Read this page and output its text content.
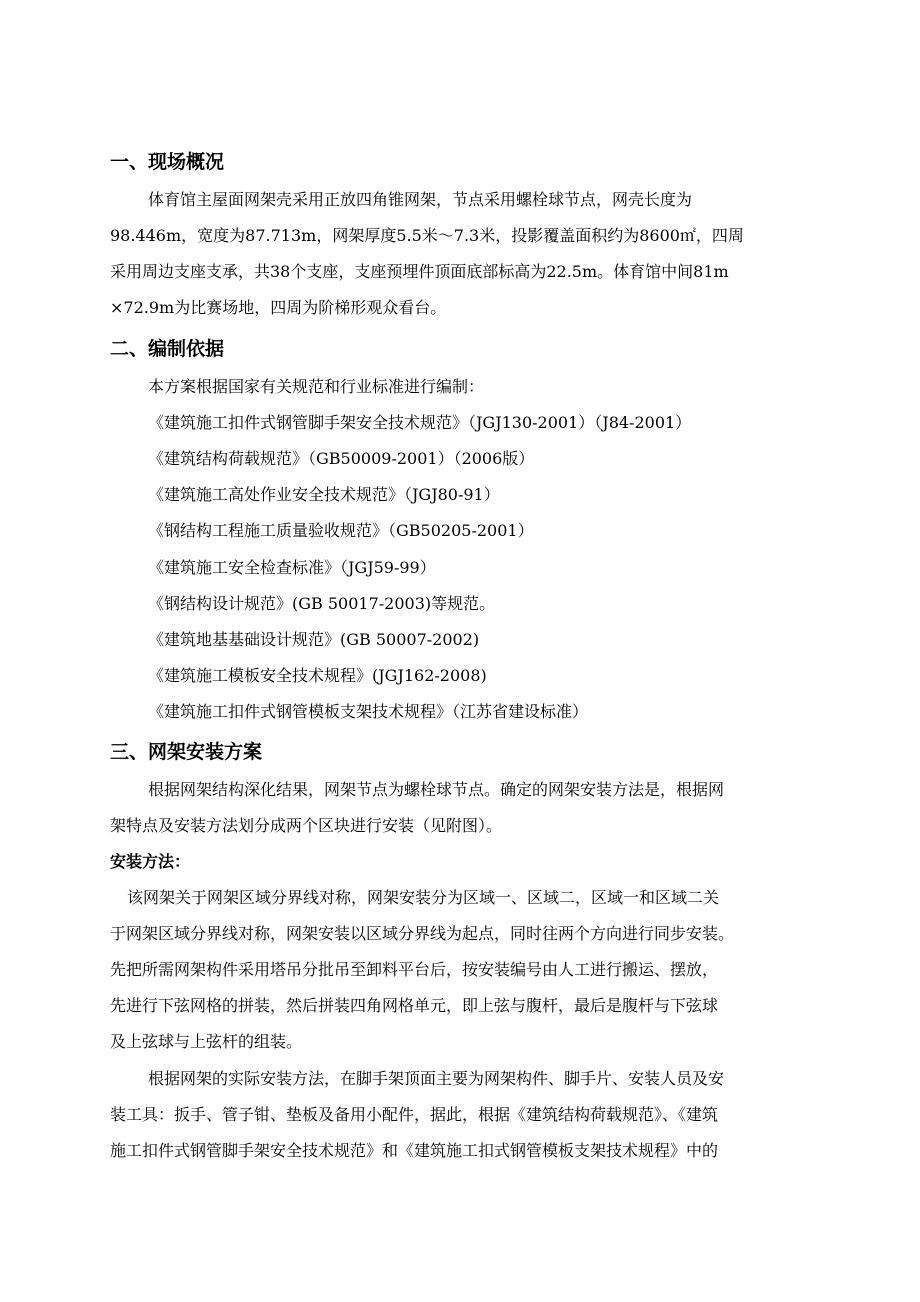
一、现场概况
体育馆主屋面网架壳采用正放四角锥网架，节点采用螺栓球节点，网壳长度为
98.446m，宽度为87.713m，网架厚度5.5米～7.3米，投影覆盖面积约为8600㎡，四周
采用周边支座支承，共38个支座，支座预埋件顶面底部标高为22.5m。体育馆中间81m
×72.9m为比赛场地，四周为阶梯形观众看台。
二、编制依据
本方案根据国家有关规范和行业标准进行编制：
《建筑施工扣件式钢管脚手架安全技术规范》（JGJ130-2001）（J84-2001）
《建筑结构荷载规范》（GB50009-2001）（2006版）
《建筑施工高处作业安全技术规范》（JGJ80-91）
《钢结构工程施工质量验收规范》（GB50205-2001）
《建筑施工安全检查标准》（JGJ59-99）
《钢结构设计规范》(GB 50017-2003)等规范。
《建筑地基基础设计规范》(GB 50007-2002)
《建筑施工模板安全技术规程》(JGJ162-2008)
《建筑施工扣件式钢管模板支架技术规程》（江苏省建设标准）
三、网架安装方案
根据网架结构深化结果，网架节点为螺栓球节点。确定的网架安装方法是，根据网
架特点及安装方法划分成两个区块进行安装（见附图）。
安装方法：
该网架关于网架区域分界线对称，网架安装分为区域一、区域二，区域一和区域二关
于网架区域分界线对称，网架安装以区域分界线为起点，同时往两个方向进行同步安装。
先把所需网架构件采用塔吊分批吊至卸料平台后，按安装编号由人工进行搬运、摆放，
先进行下弦网格的拼装，然后拼装四角网格单元，即上弦与腹杆，最后是腹杆与下弦球
及上弦球与上弦杆的组装。
根据网架的实际安装方法，在脚手架顶面主要为网架构件、脚手片、安装人员及安
装工具：扳手、管子钳、垫板及备用小配件，据此，根据《建筑结构荷载规范》、《建筑
施工扣件式钢管脚手架安全技术规范》和《建筑施工扣式钢管模板支架技术规程》中的
